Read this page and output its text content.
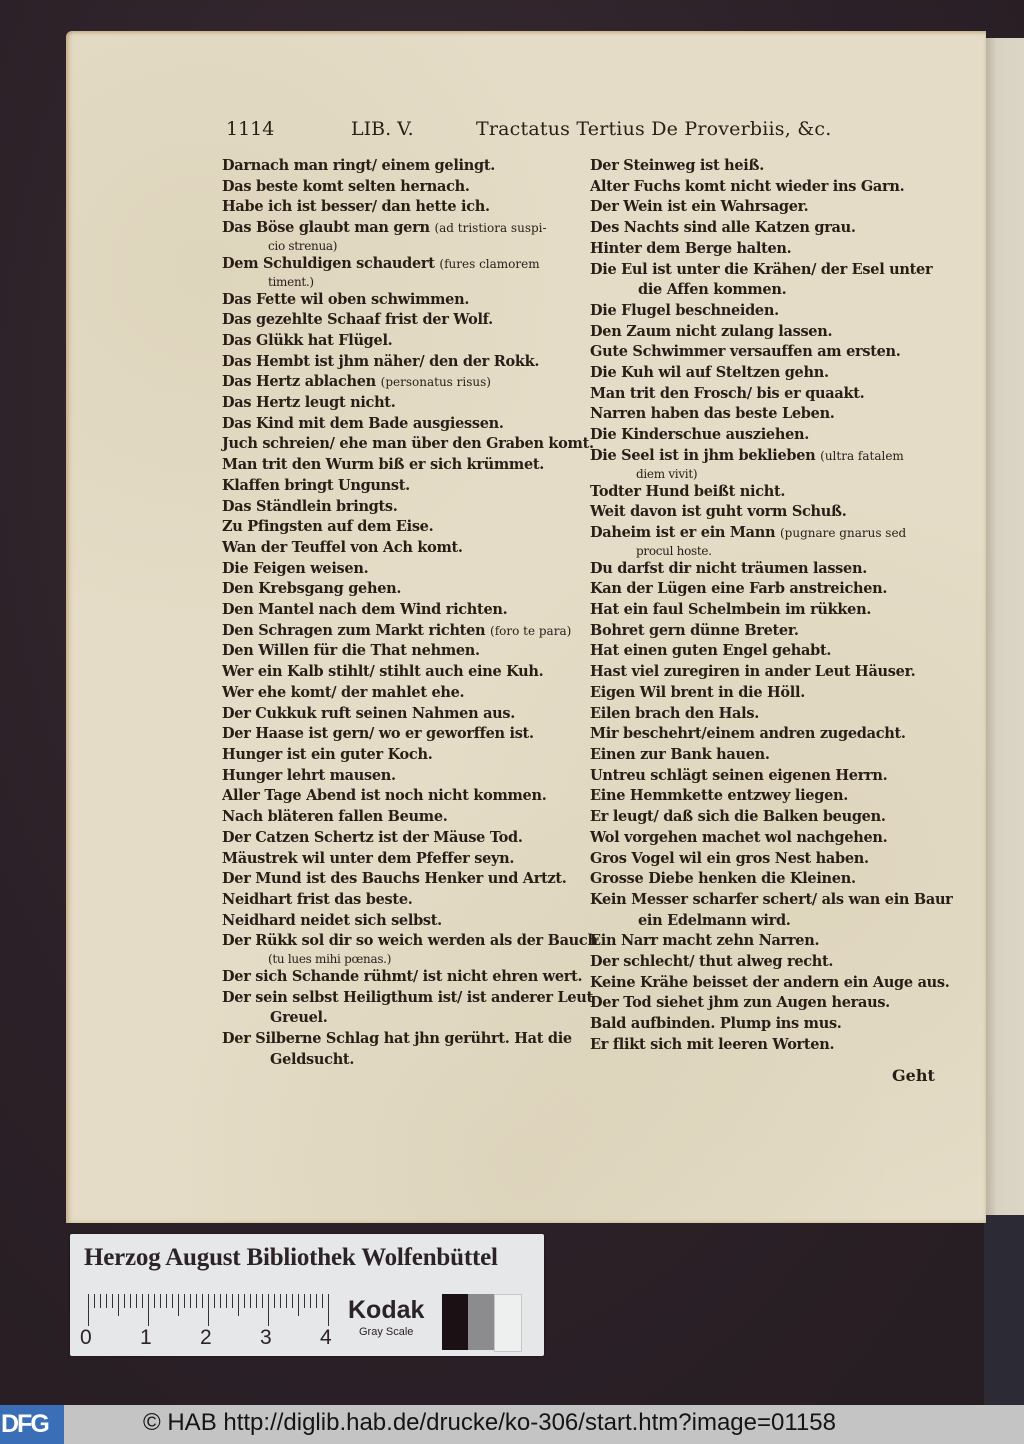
1114	LIB. V.	Tractatus Tertius De Proverbiis, &c.
Darnach man ringt/ einem gelingt.
Das beste komt selten hernach.
Habe ich ist besser/ dan hette ich.
Das Böse glaubt man gern (ad tristiora suspi-
cio strenua)
Dem Schuldigen schaudert (fures clamorem
timent.)
Das Fette wil oben schwimmen.
Das gezehlte Schaaf frist der Wolf.
Das Glükk hat Flügel.
Das Hembt ist jhm näher/ den der Rokk.
Das Hertz ablachen (personatus risus)
Das Hertz leugt nicht.
Das Kind mit dem Bade ausgiessen.
Juch schreien/ ehe man über den Graben komt.
Man trit den Wurm biß er sich krümmet.
Klaffen bringt Ungunst.
Das Ständlein bringts.
Zu Pfingsten auf dem Eise.
Wan der Teuffel von Ach komt.
Die Feigen weisen.
Den Krebsgang gehen.
Den Mantel nach dem Wind richten.
Den Schragen zum Markt richten (foro te para)
Den Willen für die That nehmen.
Wer ein Kalb stihlt/ stihlt auch eine Kuh.
Wer ehe komt/ der mahlet ehe.
Der Cukkuk ruft seinen Nahmen aus.
Der Haase ist gern/ wo er geworffen ist.
Hunger ist ein guter Koch.
Hunger lehrt mausen.
Aller Tage Abend ist noch nicht kommen.
Nach bläteren fallen Beume.
Der Catzen Schertz ist der Mäuse Tod.
Mäustrek wil unter dem Pfeffer seyn.
Der Mund ist des Bauchs Henker und Artzt.
Neidhart frist das beste.
Neidhard neidet sich selbst.
Der Rükk sol dir so weich werden als der Bauch
(tu lues mihi pœnas.)
Der sich Schande rühmt/ ist nicht ehren wert.
Der sein selbst Heiligthum ist/ ist anderer Leut
Greuel.
Der Silberne Schlag hat jhn gerührt. Hat die
Geldsucht.
Der Steinweg ist heiß.
Alter Fuchs komt nicht wieder ins Garn.
Der Wein ist ein Wahrsager.
Des Nachts sind alle Katzen grau.
Hinter dem Berge halten.
Die Eul ist unter die Krähen/ der Esel unter
die Affen kommen.
Die Flugel beschneiden.
Den Zaum nicht zulang lassen.
Gute Schwimmer versauffen am ersten.
Die Kuh wil auf Steltzen gehn.
Man trit den Frosch/ bis er quaakt.
Narren haben das beste Leben.
Die Kinderschue ausziehen.
Die Seel ist in jhm beklieben (ultra fatalem
diem vivit)
Todter Hund beißt nicht.
Weit davon ist guht vorm Schuß.
Daheim ist er ein Mann (pugnare gnarus sed
procul hoste.
Du darfst dir nicht träumen lassen.
Kan der Lügen eine Farb anstreichen.
Hat ein faul Schelmbein im rükken.
Bohret gern dünne Breter.
Hat einen guten Engel gehabt.
Hast viel zuregiren in ander Leut Häuser.
Eigen Wil brent in die Höll.
Eilen brach den Hals.
Mir beschehrt/einem andren zugedacht.
Einen zur Bank hauen.
Untreu schlägt seinen eigenen Herrn.
Eine Hemmkette entzwey liegen.
Er leugt/ daß sich die Balken beugen.
Wol vorgehen machet wol nachgehen.
Gros Vogel wil ein gros Nest haben.
Grosse Diebe henken die Kleinen.
Kein Messer scharfer schert/ als wan ein Baur
ein Edelmann wird.
Ein Narr macht zehn Narren.
Der schlecht/ thut alweg recht.
Keine Krähe beisset der andern ein Auge aus.
Der Tod siehet jhm zun Augen heraus.
Bald aufbinden. Plump ins mus.
Er flikt sich mit leeren Worten.
Geht
Herzog August Bibliothek Wolfenbüttel
0 1 2 3 4
Kodak
Gray Scale
DFG	© HAB http://diglib.hab.de/drucke/ko-306/start.htm?image=01158
